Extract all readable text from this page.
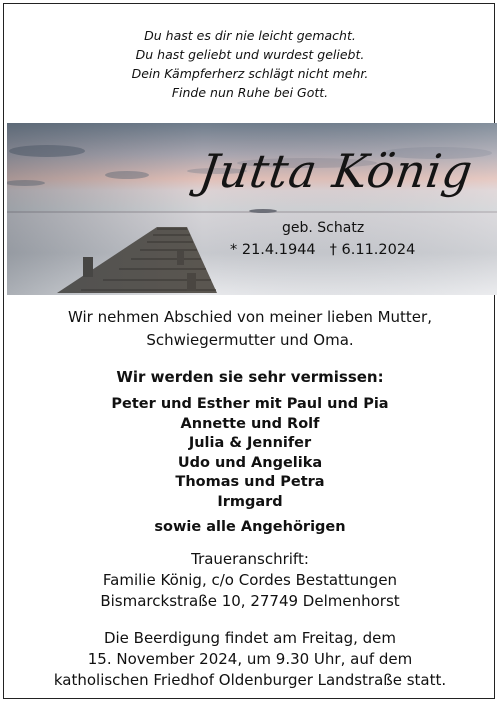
Du hast es dir nie leicht gemacht.
Du hast geliebt und wurdest geliebt.
Dein Kämpferherz schlägt nicht mehr.
Finde nun Ruhe bei Gott.
Jutta König
geb. Schatz
* 21.4.1944 † 6.11.2024
Wir nehmen Abschied von meiner lieben Mutter,
Schwiegermutter und Oma.
Wir werden sie sehr vermissen:
Peter und Esther mit Paul und Pia
Annette und Rolf
Julia & Jennifer
Udo und Angelika
Thomas und Petra
Irmgard
sowie alle Angehörigen
Traueranschrift:
Familie König, c/o Cordes Bestattungen
Bismarckstraße 10, 27749 Delmenhorst
Die Beerdigung findet am Freitag, dem
15. November 2024, um 9.30 Uhr, auf dem
katholischen Friedhof Oldenburger Landstraße statt.
